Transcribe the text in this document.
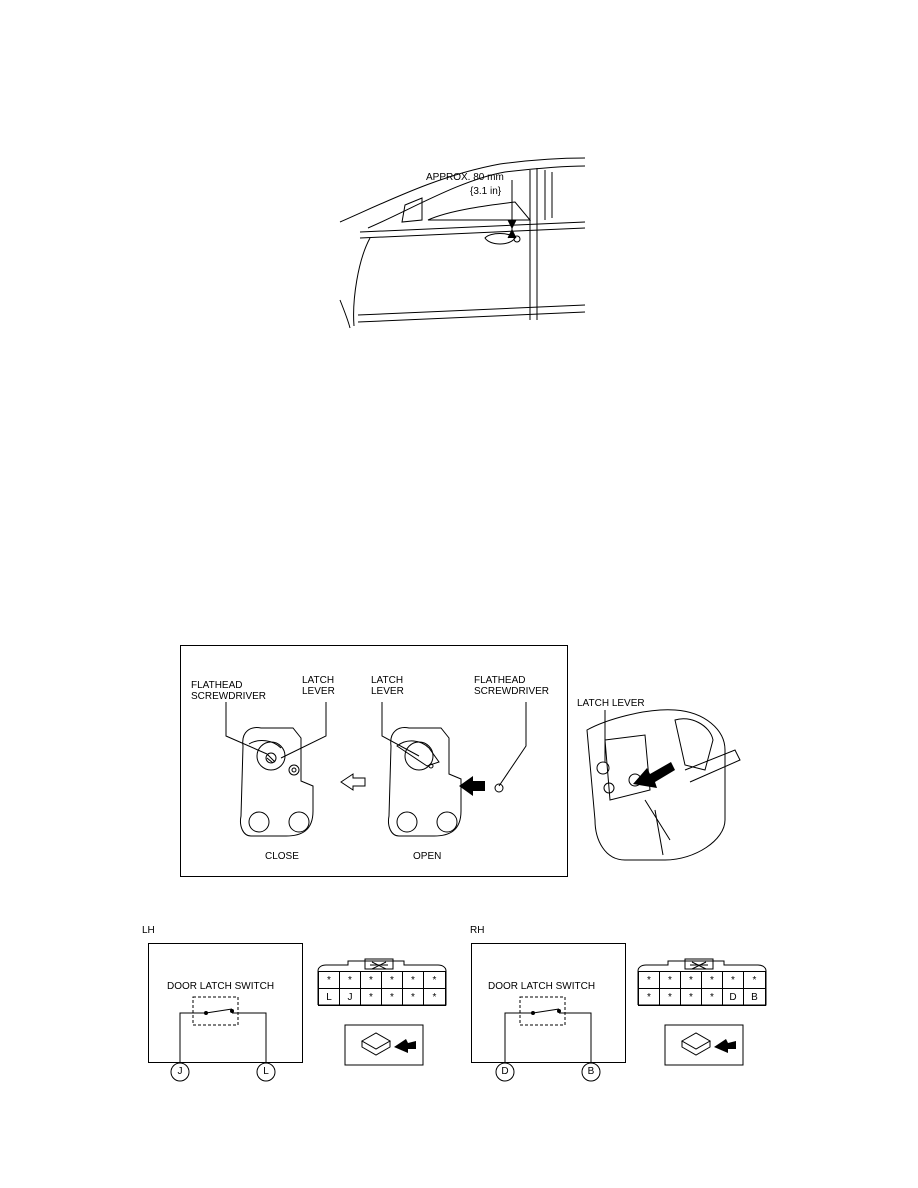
APPROX. 80 mm
{3.1 in}
FLATHEAD
SCREWDRIVER
LATCH
LEVER
LATCH
LEVER
FLATHEAD
SCREWDRIVER
CLOSE	OPEN
LATCH LEVER
LH
DOOR LATCH SWITCH
J	L
*	*	*	*	*	*
L	J	*	*	*	*
RH
DOOR LATCH SWITCH
D	B
*	*	*	*	*	*
*	*	*	*	D	B
